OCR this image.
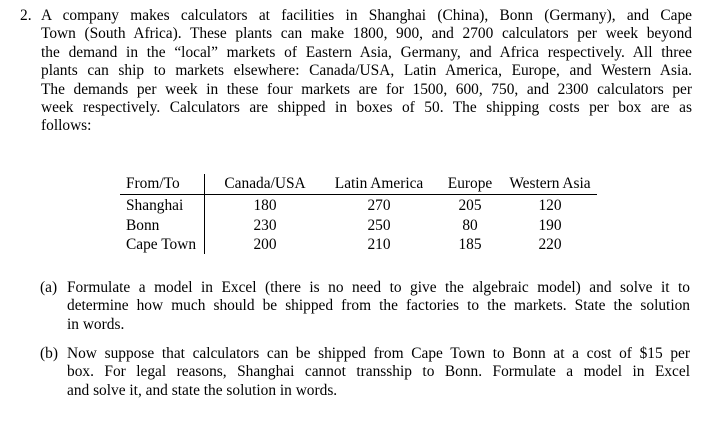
2. A company makes calculators at facilities in Shanghai (China), Bonn (Germany), and Cape
Town (South Africa). These plants can make 1800, 900, and 2700 calculators per week beyond
the demand in the “local” markets of Eastern Asia, Germany, and Africa respectively. All three
plants can ship to markets elsewhere: Canada/USA, Latin America, Europe, and Western Asia.
The demands per week in these four markets are for 1500, 600, 750, and 2300 calculators per
week respectively. Calculators are shipped in boxes of 50. The shipping costs per box are as
follows:
From/To	Canada/USA	Latin America	Europe	Western Asia
Shanghai	180	270	205	120
Bonn	230	250	80	190
Cape Town	200	210	185	220
(a) Formulate a model in Excel (there is no need to give the algebraic model) and solve it to
determine how much should be shipped from the factories to the markets. State the solution
in words.
(b) Now suppose that calculators can be shipped from Cape Town to Bonn at a cost of $15 per
box. For legal reasons, Shanghai cannot transship to Bonn. Formulate a model in Excel
and solve it, and state the solution in words.
